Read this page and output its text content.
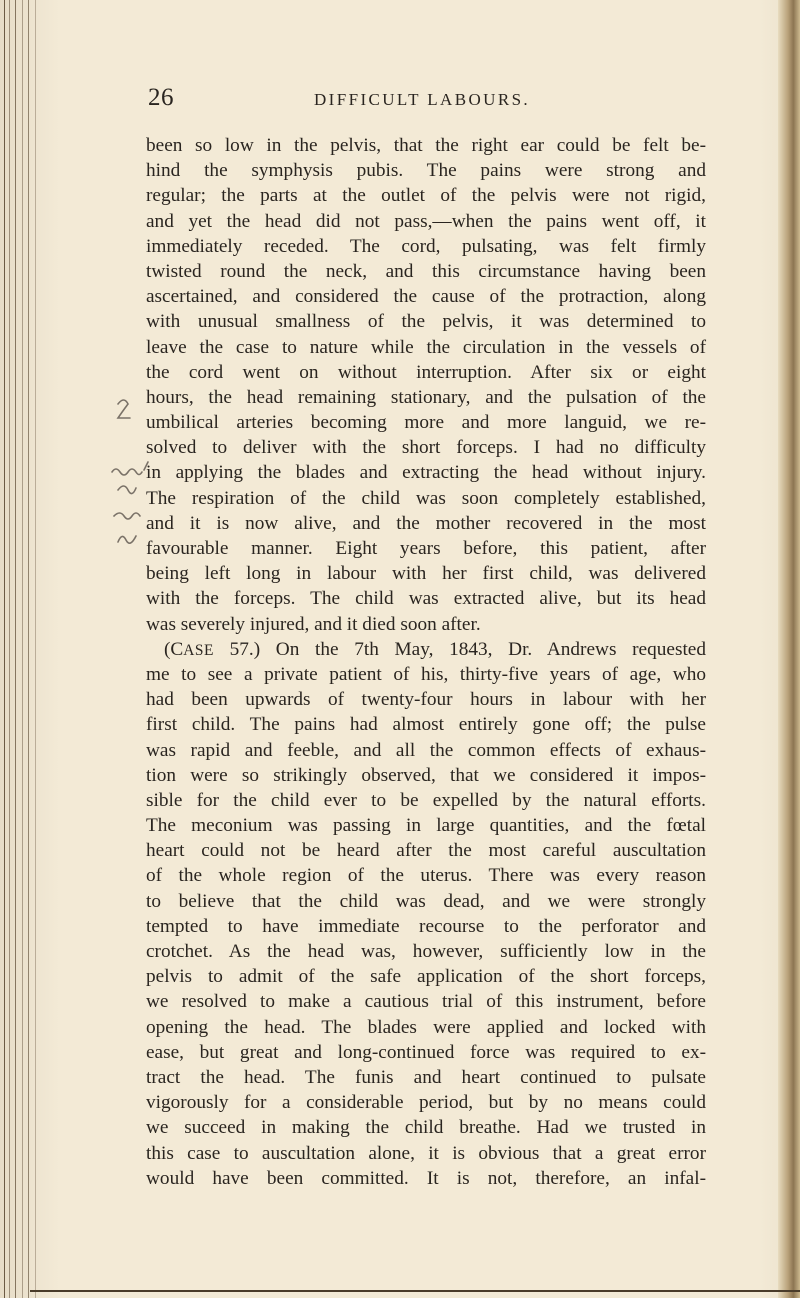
26	DIFFICULT LABOURS.
been so low in the pelvis, that the right ear could be felt be-
hind the symphysis pubis. The pains were strong and
regular; the parts at the outlet of the pelvis were not rigid,
and yet the head did not pass,—when the pains went off, it
immediately receded. The cord, pulsating, was felt firmly
twisted round the neck, and this circumstance having been
ascertained, and considered the cause of the protraction, along
with unusual smallness of the pelvis, it was determined to
leave the case to nature while the circulation in the vessels of
the cord went on without interruption. After six or eight
hours, the head remaining stationary, and the pulsation of the
umbilical arteries becoming more and more languid, we re-
solved to deliver with the short forceps. I had no difficulty
in applying the blades and extracting the head without injury.
The respiration of the child was soon completely established,
and it is now alive, and the mother recovered in the most
favourable manner. Eight years before, this patient, after
being left long in labour with her first child, was delivered
with the forceps. The child was extracted alive, but its head
was severely injured, and it died soon after.
(CASE 57.) On the 7th May, 1843, Dr. Andrews requested
me to see a private patient of his, thirty-five years of age, who
had been upwards of twenty-four hours in labour with her
first child. The pains had almost entirely gone off; the pulse
was rapid and feeble, and all the common effects of exhaus-
tion were so strikingly observed, that we considered it impos-
sible for the child ever to be expelled by the natural efforts.
The meconium was passing in large quantities, and the fœtal
heart could not be heard after the most careful auscultation
of the whole region of the uterus. There was every reason
to believe that the child was dead, and we were strongly
tempted to have immediate recourse to the perforator and
crotchet. As the head was, however, sufficiently low in the
pelvis to admit of the safe application of the short forceps,
we resolved to make a cautious trial of this instrument, before
opening the head. The blades were applied and locked with
ease, but great and long-continued force was required to ex-
tract the head. The funis and heart continued to pulsate
vigorously for a considerable period, but by no means could
we succeed in making the child breathe. Had we trusted in
this case to auscultation alone, it is obvious that a great error
would have been committed. It is not, therefore, an infal-
